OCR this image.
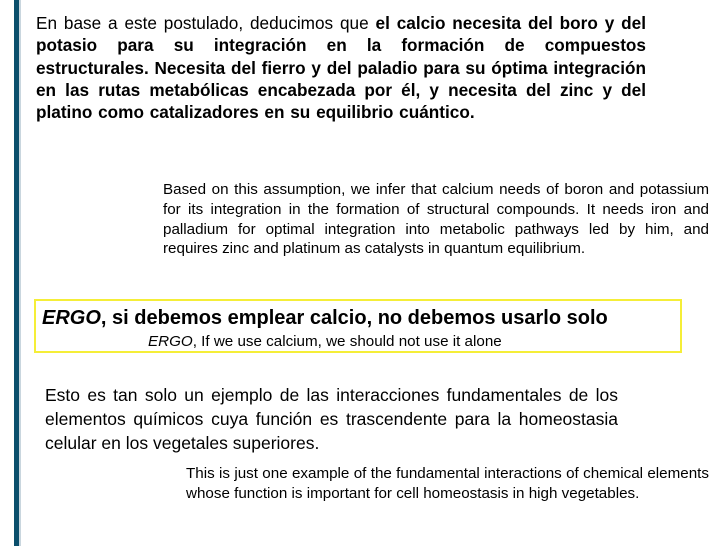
En base a este postulado, deducimos que el calcio necesita del boro y del potasio para su integración en la formación de compuestos estructurales. Necesita del fierro y del paladio para su óptima integración en las rutas metabólicas encabezada por él, y necesita del zinc y del platino como catalizadores en su equilibrio cuántico.

Based on this assumption, we infer that calcium needs of boron and potassium for its integration in the formation of structural compounds. It needs iron and palladium for optimal integration into metabolic pathways led by him, and requires zinc and platinum as catalysts in quantum equilibrium.

ERGO, si debemos emplear calcio, no debemos usarlo solo

ERGO, If we use calcium, we should not use it alone

Esto es tan solo un ejemplo de las interacciones fundamentales de los elementos químicos cuya función es trascendente para la homeostasia celular en los vegetales superiores.

This is just one example of the fundamental interactions of chemical elements whose function is important for cell homeostasis in high vegetables.
